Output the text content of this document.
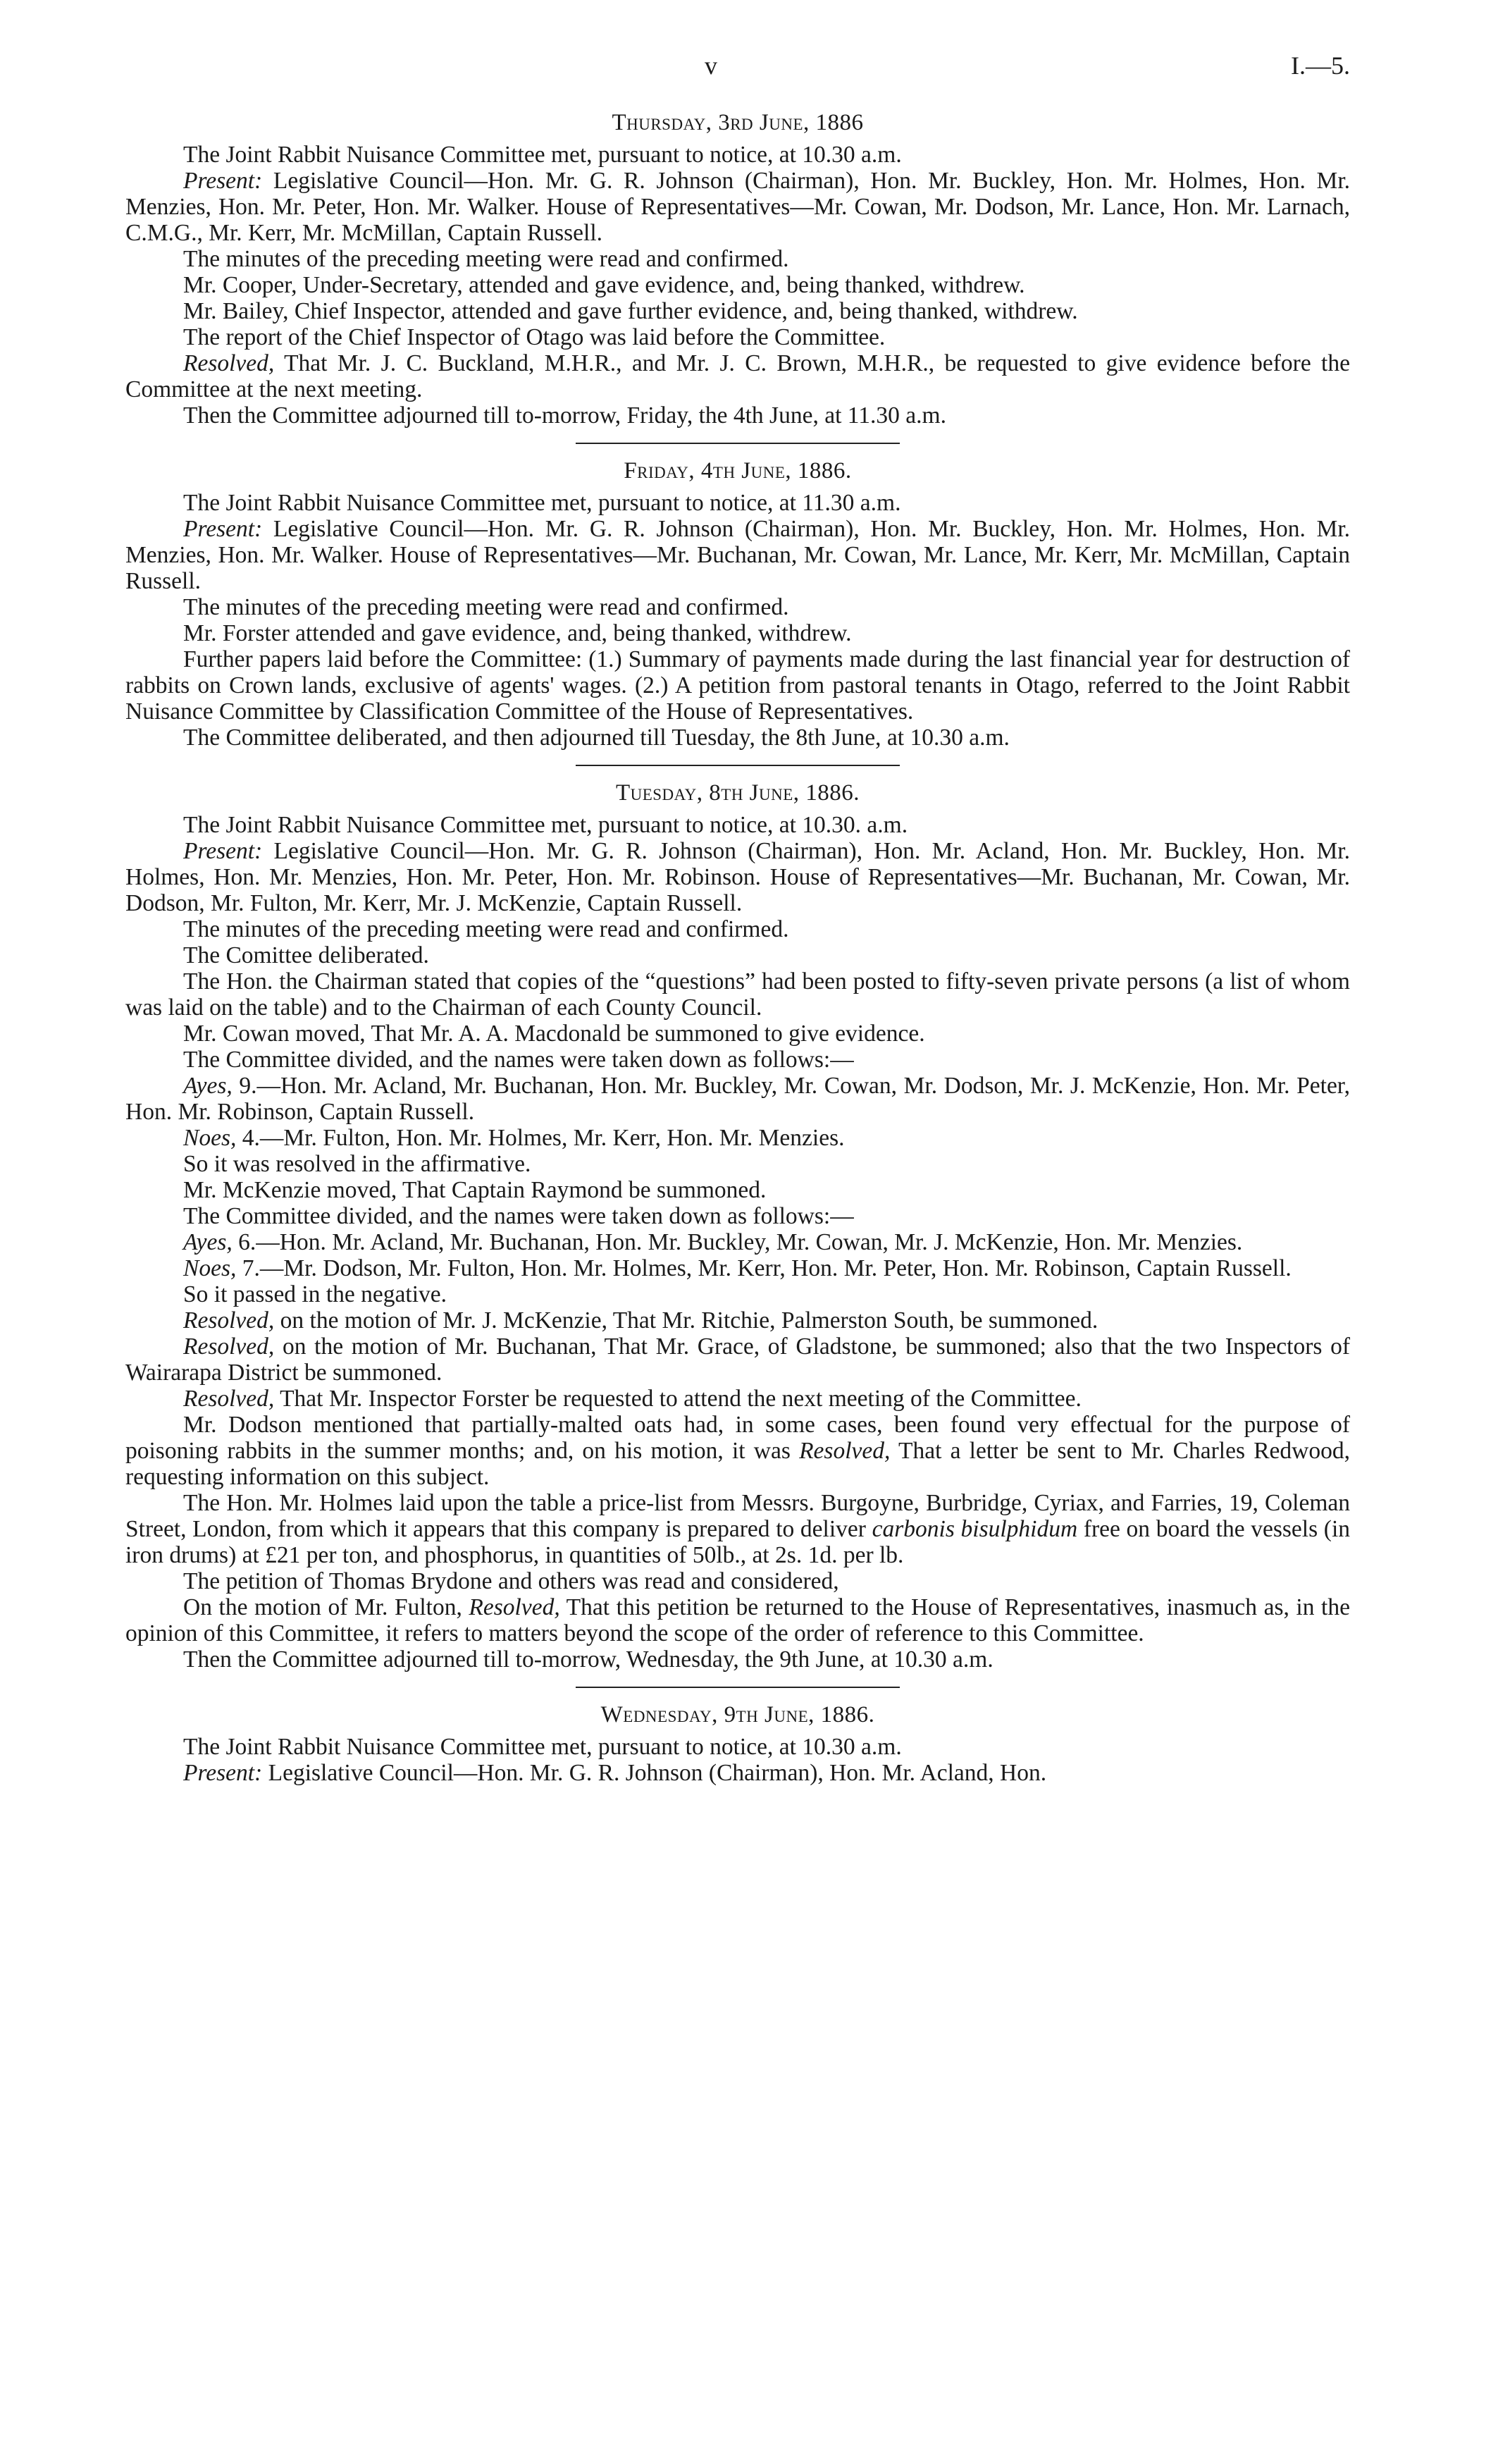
v	I.—5.
Thursday, 3rd June, 1886

The Joint Rabbit Nuisance Committee met, pursuant to notice, at 10.30 a.m.

Present: Legislative Council—Hon. Mr. G. R. Johnson (Chairman), Hon. Mr. Buckley, Hon. Mr. Holmes, Hon. Mr. Menzies, Hon. Mr. Peter, Hon. Mr. Walker. House of Representatives—Mr. Cowan, Mr. Dodson, Mr. Lance, Hon. Mr. Larnach, C.M.G., Mr. Kerr, Mr. McMillan, Captain Russell.

The minutes of the preceding meeting were read and confirmed.

Mr. Cooper, Under-Secretary, attended and gave evidence, and, being thanked, withdrew.

Mr. Bailey, Chief Inspector, attended and gave further evidence, and, being thanked, withdrew.

The report of the Chief Inspector of Otago was laid before the Committee.

Resolved, That Mr. J. C. Buckland, M.H.R., and Mr. J. C. Brown, M.H.R., be requested to give evidence before the Committee at the next meeting.

Then the Committee adjourned till to-morrow, Friday, the 4th June, at 11.30 a.m.

Friday, 4th June, 1886.

The Joint Rabbit Nuisance Committee met, pursuant to notice, at 11.30 a.m.

Present: Legislative Council—Hon. Mr. G. R. Johnson (Chairman), Hon. Mr. Buckley, Hon. Mr. Holmes, Hon. Mr. Menzies, Hon. Mr. Walker. House of Representatives—Mr. Buchanan, Mr. Cowan, Mr. Lance, Mr. Kerr, Mr. McMillan, Captain Russell.

The minutes of the preceding meeting were read and confirmed.

Mr. Forster attended and gave evidence, and, being thanked, withdrew.

Further papers laid before the Committee: (1.) Summary of payments made during the last financial year for destruction of rabbits on Crown lands, exclusive of agents' wages. (2.) A petition from pastoral tenants in Otago, referred to the Joint Rabbit Nuisance Committee by Classification Committee of the House of Representatives.

The Committee deliberated, and then adjourned till Tuesday, the 8th June, at 10.30 a.m.

Tuesday, 8th June, 1886.

The Joint Rabbit Nuisance Committee met, pursuant to notice, at 10.30. a.m.

Present: Legislative Council—Hon. Mr. G. R. Johnson (Chairman), Hon. Mr. Acland, Hon. Mr. Buckley, Hon. Mr. Holmes, Hon. Mr. Menzies, Hon. Mr. Peter, Hon. Mr. Robinson. House of Representatives—Mr. Buchanan, Mr. Cowan, Mr. Dodson, Mr. Fulton, Mr. Kerr, Mr. J. McKenzie, Captain Russell.

The minutes of the preceding meeting were read and confirmed.

The Comittee deliberated.

The Hon. the Chairman stated that copies of the “questions” had been posted to fifty-seven private persons (a list of whom was laid on the table) and to the Chairman of each County Council.

Mr. Cowan moved, That Mr. A. A. Macdonald be summoned to give evidence.

The Committee divided, and the names were taken down as follows:—

Ayes, 9.—Hon. Mr. Acland, Mr. Buchanan, Hon. Mr. Buckley, Mr. Cowan, Mr. Dodson, Mr. J. McKenzie, Hon. Mr. Peter, Hon. Mr. Robinson, Captain Russell.

Noes, 4.—Mr. Fulton, Hon. Mr. Holmes, Mr. Kerr, Hon. Mr. Menzies.

So it was resolved in the affirmative.

Mr. McKenzie moved, That Captain Raymond be summoned.

The Committee divided, and the names were taken down as follows:—

Ayes, 6.—Hon. Mr. Acland, Mr. Buchanan, Hon. Mr. Buckley, Mr. Cowan, Mr. J. McKenzie, Hon. Mr. Menzies.

Noes, 7.—Mr. Dodson, Mr. Fulton, Hon. Mr. Holmes, Mr. Kerr, Hon. Mr. Peter, Hon. Mr. Robinson, Captain Russell.

So it passed in the negative.

Resolved, on the motion of Mr. J. McKenzie, That Mr. Ritchie, Palmerston South, be summoned.

Resolved, on the motion of Mr. Buchanan, That Mr. Grace, of Gladstone, be summoned; also that the two Inspectors of Wairarapa District be summoned.

Resolved, That Mr. Inspector Forster be requested to attend the next meeting of the Committee.

Mr. Dodson mentioned that partially-malted oats had, in some cases, been found very effectual for the purpose of poisoning rabbits in the summer months; and, on his motion, it was Resolved, That a letter be sent to Mr. Charles Redwood, requesting information on this subject.

The Hon. Mr. Holmes laid upon the table a price-list from Messrs. Burgoyne, Burbridge, Cyriax, and Farries, 19, Coleman Street, London, from which it appears that this company is prepared to deliver carbonis bisulphidum free on board the vessels (in iron drums) at £21 per ton, and phosphorus, in quantities of 50lb., at 2s. 1d. per lb.

The petition of Thomas Brydone and others was read and considered,

On the motion of Mr. Fulton, Resolved, That this petition be returned to the House of Representatives, inasmuch as, in the opinion of this Committee, it refers to matters beyond the scope of the order of reference to this Committee.

Then the Committee adjourned till to-morrow, Wednesday, the 9th June, at 10.30 a.m.

Wednesday, 9th June, 1886.

The Joint Rabbit Nuisance Committee met, pursuant to notice, at 10.30 a.m.

Present: Legislative Council—Hon. Mr. G. R. Johnson (Chairman), Hon. Mr. Acland, Hon.
